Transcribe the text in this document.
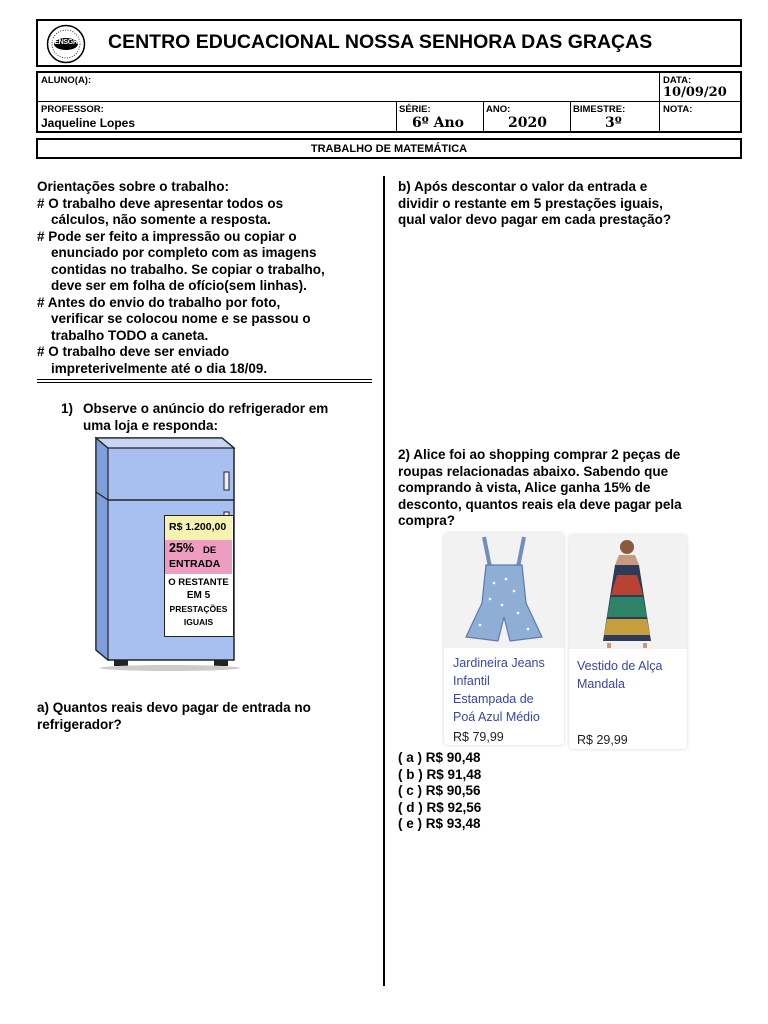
CENSGRA CENTRO EDUCACIONAL NOSSA SENHORA DAS GRAÇAS
ALUNO(A):	DATA:
10/09/20
PROFESSOR:
Jaqueline Lopes
SÉRIE:
6º Ano
ANO:
2020
BIMESTRE:
3º
NOTA:
TRABALHO DE MATEMÁTICA
Orientações sobre o trabalho:
# O trabalho deve apresentar todos os
cálculos, não somente a resposta.
# Pode ser feito a impressão ou copiar o
enunciado por completo com as imagens
contidas no trabalho. Se copiar o trabalho,
deve ser em folha de ofício(sem linhas).
# Antes do envio do trabalho por foto,
verificar se colocou nome e se passou o
trabalho TODO a caneta.
# O trabalho deve ser enviado
impreterivelmente até o dia 18/09.
1) Observe o anúncio do refrigerador em
uma loja e responda:
R$ 1.200,00
25% DE
ENTRADA
O RESTANTE
EM 5
PRESTAÇÕES
IGUAIS
a) Quantos reais devo pagar de entrada no
refrigerador?
b) Após descontar o valor da entrada e
dividir o restante em 5 prestações iguais,
qual valor devo pagar em cada prestação?
2) Alice foi ao shopping comprar 2 peças de
roupas relacionadas abaixo. Sabendo que
comprando à vista, Alice ganha 15% de
desconto, quantos reais ela deve pagar pela
compra?
Jardineira Jeans
Infantil
Estampada de
Poá Azul Médio
R$ 79,99
Vestido de Alça
Mandala
R$ 29,99
( a ) R$ 90,48
( b ) R$ 91,48
( c ) R$ 90,56
( d ) R$ 92,56
( e ) R$ 93,48
